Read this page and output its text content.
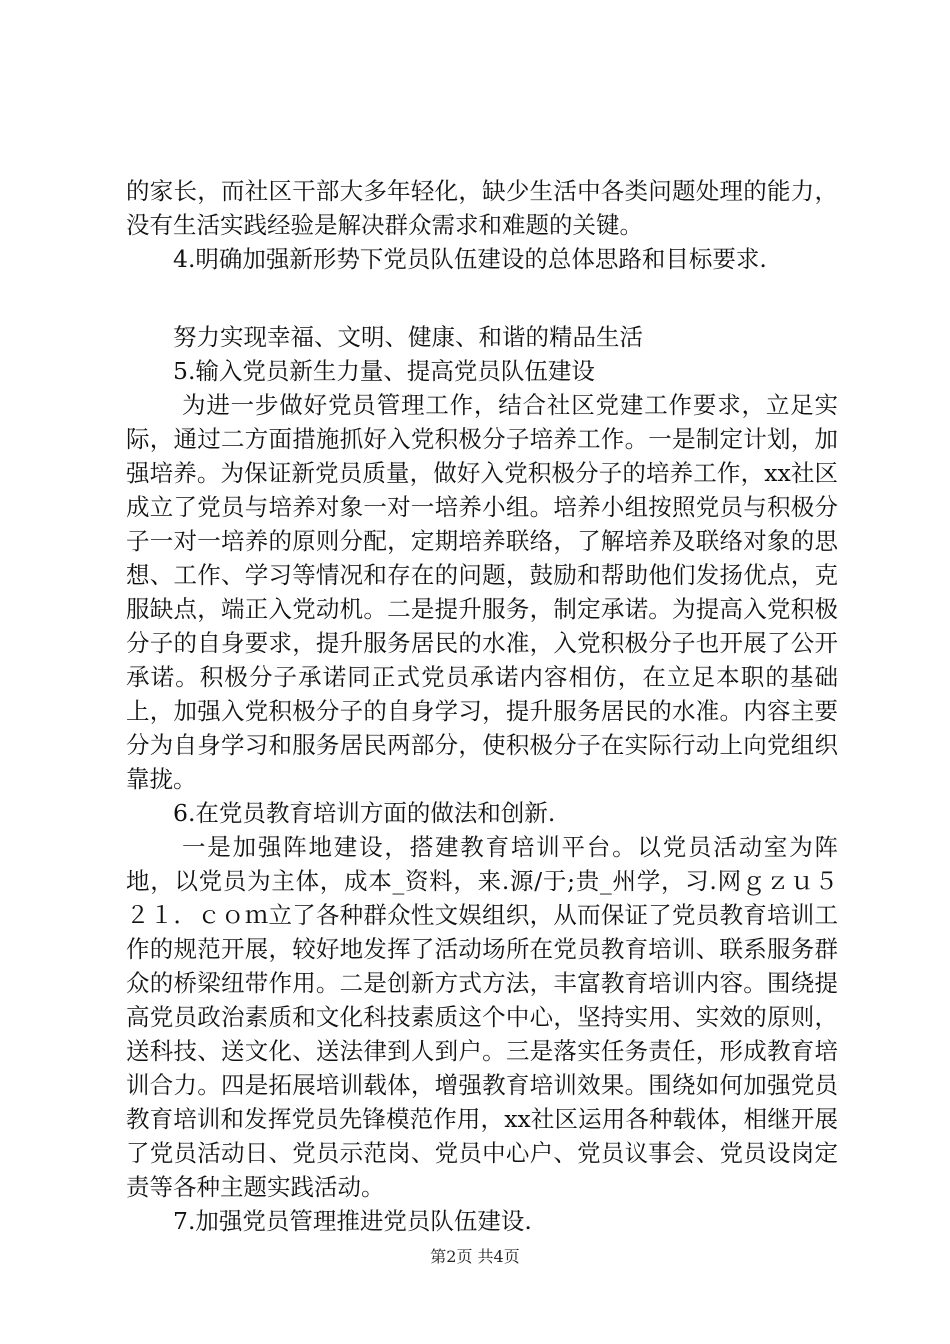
的家长，而社区干部大多年轻化，缺少生活中各类问题处理的能力，没有生活实践经验是解决群众需求和难题的关键。

4.明确加强新形势下党员队伍建设的总体思路和目标要求.

努力实现幸福、文明、健康、和谐的精品生活

5.输入党员新生力量、提高党员队伍建设

为进一步做好党员管理工作，结合社区党建工作要求，立足实际，通过二方面措施抓好入党积极分子培养工作。一是制定计划，加强培养。为保证新党员质量，做好入党积极分子的培养工作，xx社区成立了党员与培养对象一对一培养小组。培养小组按照党员与积极分子一对一培养的原则分配，定期培养联络，了解培养及联络对象的思想、工作、学习等情况和存在的问题，鼓励和帮助他们发扬优点，克服缺点，端正入党动机。二是提升服务，制定承诺。为提高入党积极分子的自身要求，提升服务居民的水准，入党积极分子也开展了公开承诺。积极分子承诺同正式党员承诺内容相仿，在立足本职的基础上，加强入党积极分子的自身学习，提升服务居民的水准。内容主要分为自身学习和服务居民两部分，使积极分子在实际行动上向党组织靠拢。

6.在党员教育培训方面的做法和创新.

一是加强阵地建设，搭建教育培训平台。以党员活动室为阵地，以党员为主体，成本_资料，来.源/于;贵_州学，习.网ｇｚｕ５２１．ｃｏｍ立了各种群众性文娱组织，从而保证了党员教育培训工作的规范开展，较好地发挥了活动场所在党员教育培训、联系服务群众的桥梁纽带作用。二是创新方式方法，丰富教育培训内容。围绕提高党员政治素质和文化科技素质这个中心，坚持实用、实效的原则，送科技、送文化、送法律到人到户。三是落实任务责任，形成教育培训合力。四是拓展培训载体，增强教育培训效果。围绕如何加强党员教育培训和发挥党员先锋模范作用，xx社区运用各种载体，相继开展了党员活动日、党员示范岗、党员中心户、党员议事会、党员设岗定责等各种主题实践活动。

7.加强党员管理推进党员队伍建设.

第2页 共4页
